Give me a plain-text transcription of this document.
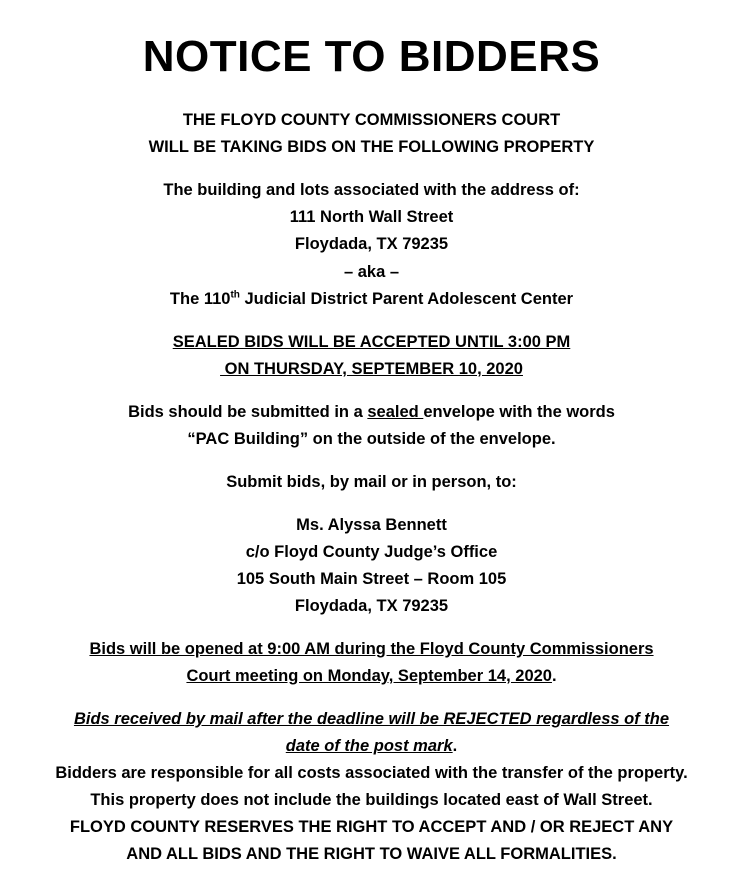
NOTICE TO BIDDERS
THE FLOYD COUNTY COMMISSIONERS COURT
WILL BE TAKING BIDS ON THE FOLLOWING PROPERTY
The building and lots associated with the address of:
111 North Wall Street
Floydada, TX 79235
– aka –
The 110th Judicial District Parent Adolescent Center
SEALED BIDS WILL BE ACCEPTED UNTIL 3:00 PM
ON THURSDAY, SEPTEMBER 10, 2020
Bids should be submitted in a sealed envelope with the words
“PAC Building” on the outside of the envelope.
Submit bids, by mail or in person, to:
Ms. Alyssa Bennett
c/o Floyd County Judge’s Office
105 South Main Street – Room 105
Floydada, TX 79235
Bids will be opened at 9:00 AM during the Floyd County Commissioners
Court meeting on Monday, September 14, 2020.
Bids received by mail after the deadline will be REJECTED regardless of the
date of the post mark.
Bidders are responsible for all costs associated with the transfer of the property.
This property does not include the buildings located east of Wall Street.
FLOYD COUNTY RESERVES THE RIGHT TO ACCEPT AND / OR REJECT ANY
AND ALL BIDS AND THE RIGHT TO WAIVE ALL FORMALITIES.
